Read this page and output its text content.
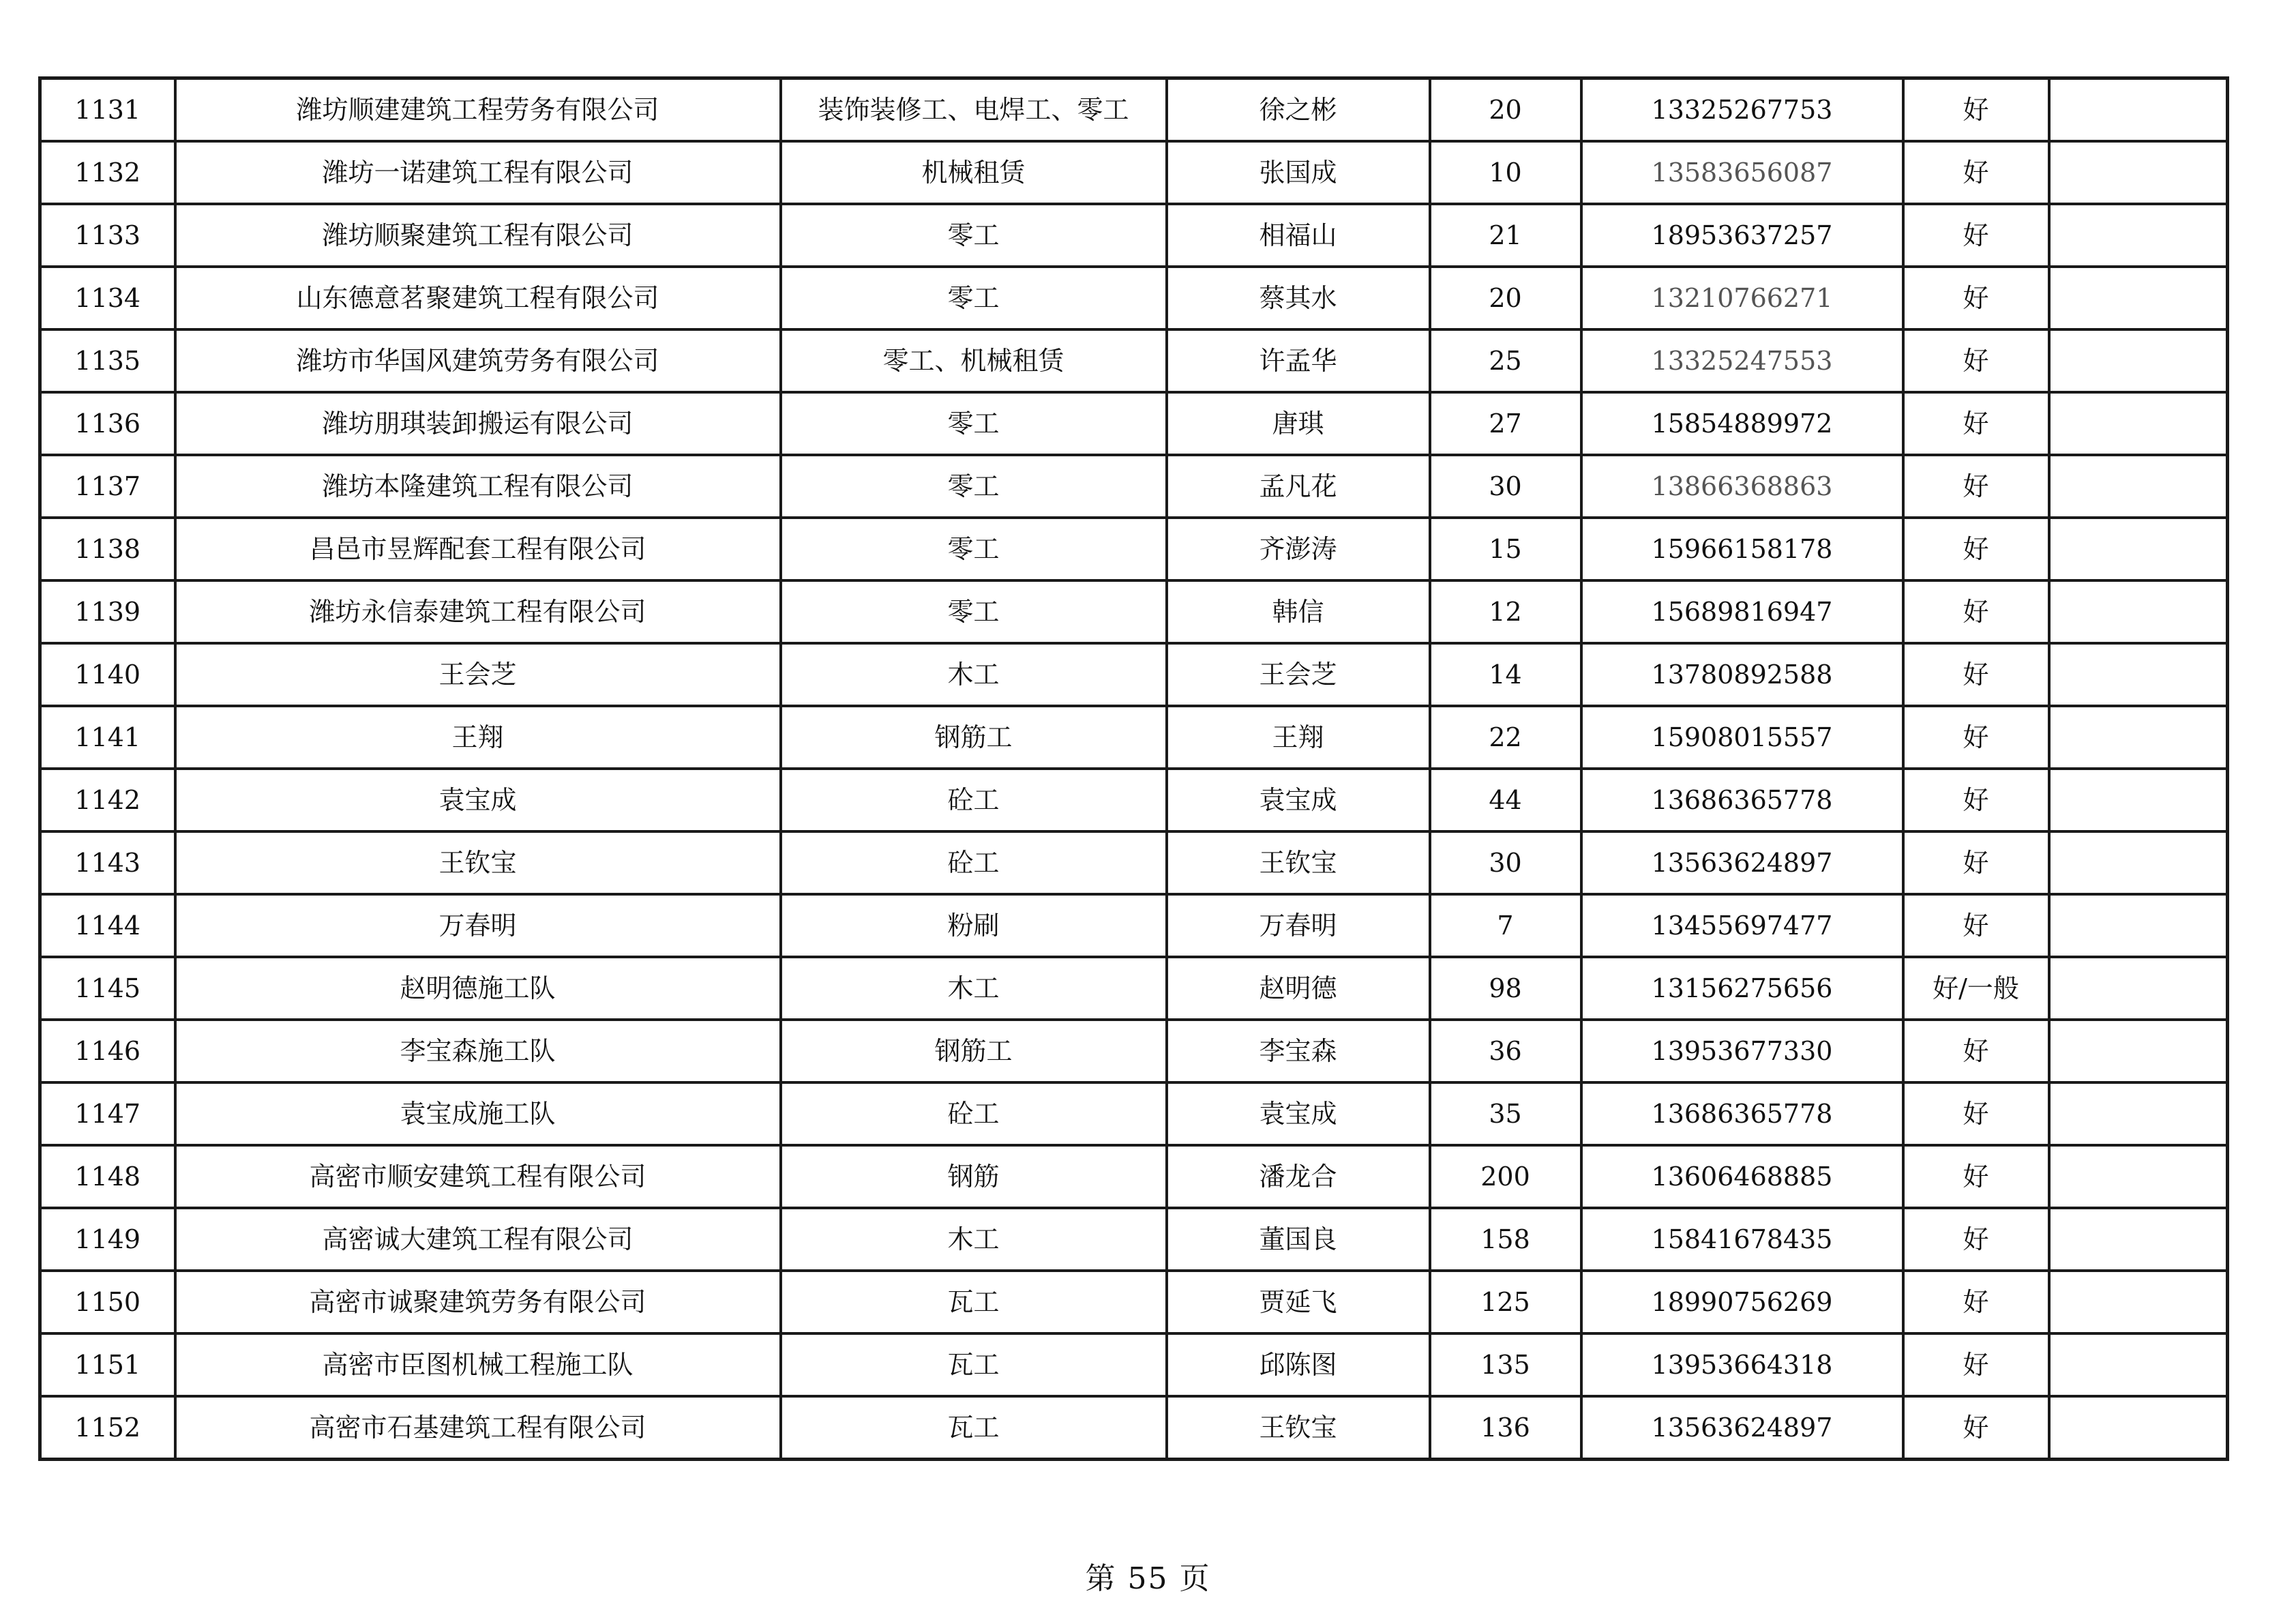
1131	潍坊顺建建筑工程劳务有限公司	装饰装修工、电焊工、零工	徐之彬	20	13325267753	好	
1132	潍坊一诺建筑工程有限公司	机械租赁	张国成	10	13583656087	好	
1133	潍坊顺聚建筑工程有限公司	零工	相福山	21	18953637257	好	
1134	山东德意茗聚建筑工程有限公司	零工	蔡其水	20	13210766271	好	
1135	潍坊市华国风建筑劳务有限公司	零工、机械租赁	许孟华	25	13325247553	好	
1136	潍坊朋琪装卸搬运有限公司	零工	唐琪	27	15854889972	好	
1137	潍坊本隆建筑工程有限公司	零工	孟凡花	30	13866368863	好	
1138	昌邑市昱辉配套工程有限公司	零工	齐澎涛	15	15966158178	好	
1139	潍坊永信泰建筑工程有限公司	零工	韩信	12	15689816947	好	
1140	王会芝	木工	王会芝	14	13780892588	好	
1141	王翔	钢筋工	王翔	22	15908015557	好	
1142	袁宝成	砼工	袁宝成	44	13686365778	好	
1143	王钦宝	砼工	王钦宝	30	13563624897	好	
1144	万春明	粉刷	万春明	7	13455697477	好	
1145	赵明德施工队	木工	赵明德	98	13156275656	好/一般	
1146	李宝森施工队	钢筋工	李宝森	36	13953677330	好	
1147	袁宝成施工队	砼工	袁宝成	35	13686365778	好	
1148	高密市顺安建筑工程有限公司	钢筋	潘龙合	200	13606468885	好	
1149	高密诚大建筑工程有限公司	木工	董国良	158	15841678435	好	
1150	高密市诚聚建筑劳务有限公司	瓦工	贾延飞	125	18990756269	好	
1151	高密市臣图机械工程施工队	瓦工	邱陈图	135	13953664318	好	
1152	高密市石基建筑工程有限公司	瓦工	王钦宝	136	13563624897	好	
第 55 页
